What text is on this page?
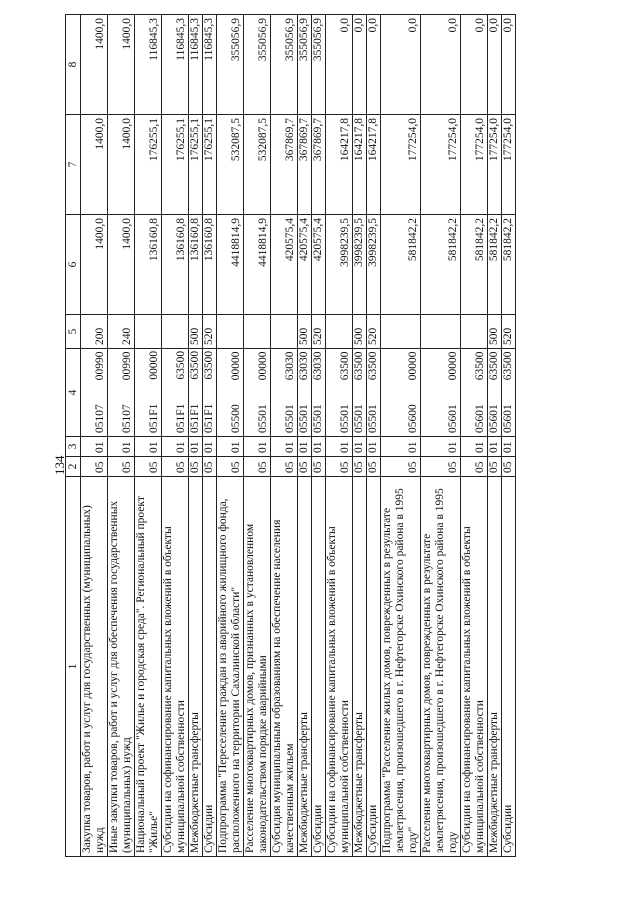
134
1	2	3	4	5	6	7	8
Закупка товаров, работ и услуг для государственных (муниципальных) нужд	05	01	0510700990	200	1400,0	1400,0	1400,0
Иные закупки товаров, работ и услуг для обеспечения государственных (муниципальных) нужд	05	01	0510700990	240	1400,0	1400,0	1400,0
Национальный проект "Жилье и городская среда". Региональный проект "Жилье"	05	01	051F100000		136160,8	176255,1	116845,3
Субсидии на софинансирование капитальных вложений в объекты муниципальной собственности	05	01	051F163500		136160,8	176255,1	116845,3
Межбюджетные трансферты	05	01	051F163500	500	136160,8	176255,1	116845,3
Субсидии	05	01	051F163500	520	136160,8	176255,1	116845,3
Подпрограмма "Переселение граждан из аварийного жилищного фонда, расположенного на территории Сахалинской области"	05	01	0550000000		4418814,9	532087,5	355056,9
Расселение многоквартирных домов, признанных в установленном законодательством порядке аварийными	05	01	0550100000		4418814,9	532087,5	355056,9
Субсидия муниципальным образованиям на обеспечение населения качественным жильем	05	01	0550163030		420575,4	367869,7	355056,9
Межбюджетные трансферты	05	01	0550163030	500	420575,4	367869,7	355056,9
Субсидии	05	01	0550163030	520	420575,4	367869,7	355056,9
Субсидии на софинансирование капитальных вложений в объекты муниципальной собственности	05	01	0550163500		3998239,5	164217,8	0,0
Межбюджетные трансферты	05	01	0550163500	500	3998239,5	164217,8	0,0
Субсидии	05	01	0550163500	520	3998239,5	164217,8	0,0
Подпрограмма "Расселение жилых домов, поврежденных в результате землетрясения, произошедшего в г. Нефтегорске Охинского района в 1995 году"	05	01	0560000000		581842,2	177254,0	0,0
Расселение многоквартирных домов, поврежденных в результате землетрясения, произошедшего в г. Нефтегорске Охинского района в 1995 году	05	01	0560100000		581842,2	177254,0	0,0
Субсидии на софинансирование капитальных вложений в объекты муниципальной собственности	05	01	0560163500		581842,2	177254,0	0,0
Межбюджетные трансферты	05	01	0560163500	500	581842,2	177254,0	0,0
Субсидии	05	01	0560163500	520	581842,2	177254,0	0,0
